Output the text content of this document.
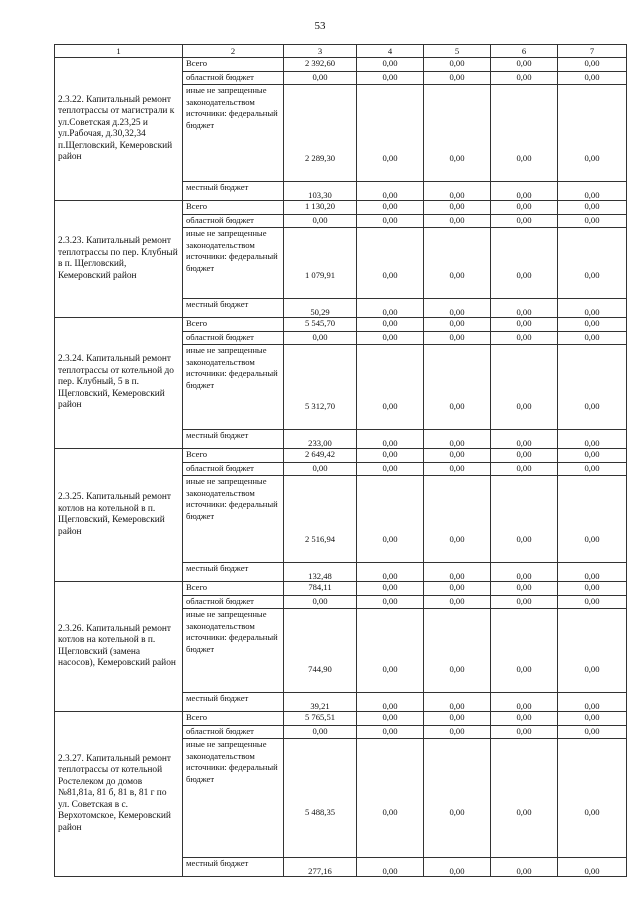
53
1	2	3	4	5	6	7
2.3.22. Капитальный ремонт теплотрассы от магистрали к ул.Советская д.23,25 и ул.Рабочая, д.30,32,34 п.Щегловский, Кемеровский район	Всего	2 392,60	0,00	0,00	0,00	0,00
	областной бюджет	0,00	0,00	0,00	0,00	0,00
	иные не запрещенные законодательством источники: федеральный бюджет	2 289,30	0,00	0,00	0,00	0,00
	местный бюджет	103,30	0,00	0,00	0,00	0,00
2.3.23. Капитальный ремонт теплотрассы по пер. Клубный в п. Щегловский, Кемеровский район	Всего	1 130,20	0,00	0,00	0,00	0,00
	областной бюджет	0,00	0,00	0,00	0,00	0,00
	иные не запрещенные законодательством источники: федеральный бюджет	1 079,91	0,00	0,00	0,00	0,00
	местный бюджет	50,29	0,00	0,00	0,00	0,00
2.3.24. Капитальный ремонт теплотрассы от котельной до пер. Клубный, 5 в п. Щегловский, Кемеровский район	Всего	5 545,70	0,00	0,00	0,00	0,00
	областной бюджет	0,00	0,00	0,00	0,00	0,00
	иные не запрещенные законодательством источники: федеральный бюджет	5 312,70	0,00	0,00	0,00	0,00
	местный бюджет	233,00	0,00	0,00	0,00	0,00
2.3.25. Капитальный ремонт котлов на котельной в п. Щегловский, Кемеровский район	Всего	2 649,42	0,00	0,00	0,00	0,00
	областной бюджет	0,00	0,00	0,00	0,00	0,00
	иные не запрещенные законодательством источники: федеральный бюджет	2 516,94	0,00	0,00	0,00	0,00
	местный бюджет	132,48	0,00	0,00	0,00	0,00
2.3.26. Капитальный ремонт котлов на котельной в п. Щегловский (замена насосов), Кемеровский район	Всего	784,11	0,00	0,00	0,00	0,00
	областной бюджет	0,00	0,00	0,00	0,00	0,00
	иные не запрещенные законодательством источники: федеральный бюджет	744,90	0,00	0,00	0,00	0,00
	местный бюджет	39,21	0,00	0,00	0,00	0,00
2.3.27. Капитальный ремонт теплотрассы от котельной Ростелеком до домов №81,81а, 81 б, 81 в, 81 г по ул. Советская в с. Верхотомское, Кемеровский район	Всего	5 765,51	0,00	0,00	0,00	0,00
	областной бюджет	0,00	0,00	0,00	0,00	0,00
	иные не запрещенные законодательством источники: федеральный бюджет	5 488,35	0,00	0,00	0,00	0,00
	местный бюджет	277,16	0,00	0,00	0,00	0,00
